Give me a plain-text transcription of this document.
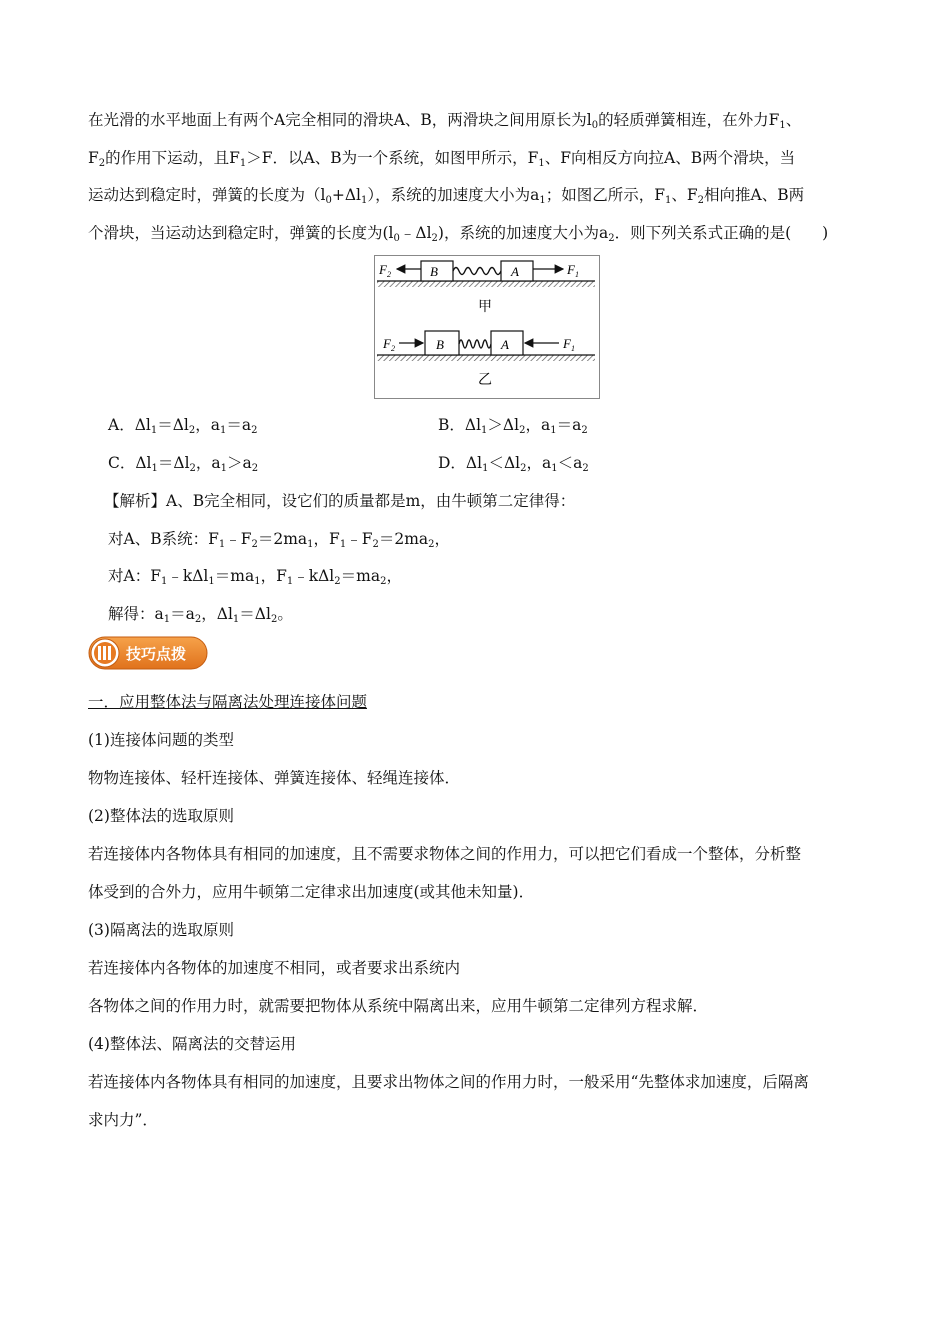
在光滑的水平地面上有两个A完全相同的滑块A、B，两滑块之间用原长为$l_0$的轻质弹簧相连，在外力$F_1$、
$F_2$的作用下运动，且$F_1>F$．以A、B为一个系统，如图甲所示，$F_1$、F向相反方向拉A、B两个滑块，当
运动达到稳定时，弹簧的长度为$(l_0+\Delta l_1)$，系统的加速度大小为$a_1$；如图乙所示，$F_1$、$F_2$相向推A、B两
个滑块，当运动达到稳定时，弹簧的长度为$(l_0﹣\Delta l_2)$，系统的加速度大小为$a_2$．则下列关系式正确的是(　　)
B	A
$F_2$	$F_1$
甲
B	A
$F_2$	$F_1$
乙
A．$\Delta l_1=\Delta l_2$，$a_1=a_2$	B．$\Delta l_1>\Delta l_2$，$a_1=a_2$
C．$\Delta l_1=\Delta l_2$，$a_1>a_2$	D．$\Delta l_1<\Delta l_2$，$a_1<a_2$
【解析】A、B完全相同，设它们的质量都是m，由牛顿第二定律得：
对A、B系统：$F_1﹣F_2=2ma_1$，$F_1﹣F_2=2ma_2$，
对A：$F_1﹣k\Delta l_1=ma_1$，$F_1﹣k\Delta l_2=ma_2$，
解得：$a_1=a_2$，$\Delta l_1=\Delta l_2$。
技巧点拨
一．应用整体法与隔离法处理连接体问题
(1)连接体问题的类型
物物连接体、轻杆连接体、弹簧连接体、轻绳连接体．
(2)整体法的选取原则
若连接体内各物体具有相同的加速度，且不需要求物体之间的作用力，可以把它们看成一个整体，分析整
体受到的合外力，应用牛顿第二定律求出加速度(或其他未知量)．
(3)隔离法的选取原则
若连接体内各物体的加速度不相同，或者要求出系统内
各物体之间的作用力时，就需要把物体从系统中隔离出来，应用牛顿第二定律列方程求解．
(4)整体法、隔离法的交替运用
若连接体内各物体具有相同的加速度，且要求出物体之间的作用力时，一般采用“先整体求加速度，后隔离
求内力”．
